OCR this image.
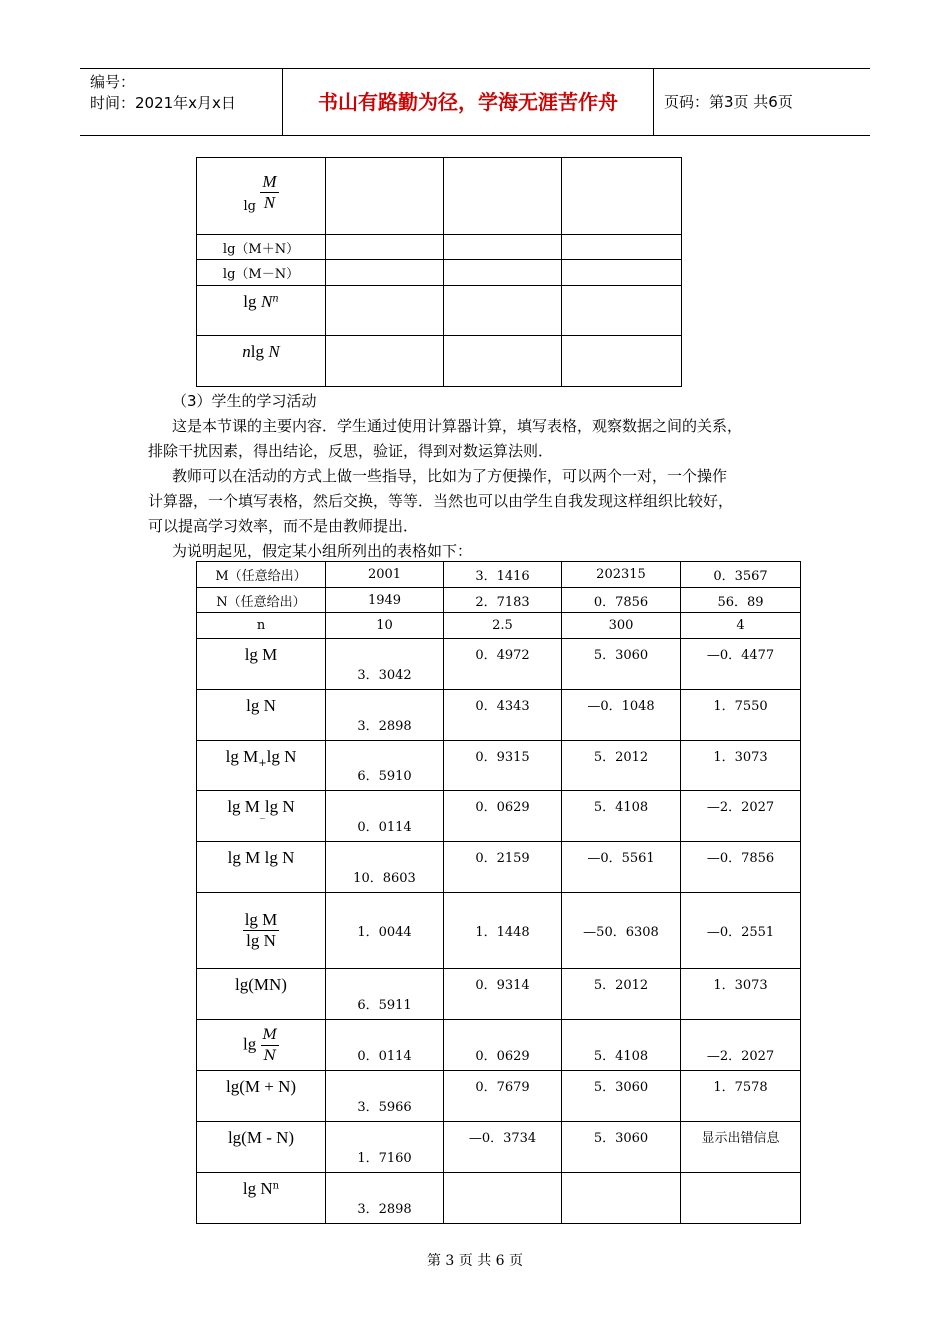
编号：
时间：2021年x月x日	书山有路勤为径，学海无涯苦作舟	页码：第3页 共6页
$\lg \frac{M}{N}$

lg（M＋N）			
lg（M－N）			
$\lg N^n$			
nlg N			
（3）学生的学习活动
这是本节课的主要内容．学生通过使用计算器计算，填写表格，观察数据之间的关系，
排除干扰因素，得出结论，反思，验证，得到对数运算法则．
教师可以在活动的方式上做一些指导，比如为了方便操作，可以两个一对，一个操作
计算器，一个填写表格，然后交换，等等．当然也可以由学生自我发现这样组织比较好，
可以提高学习效率，而不是由教师提出．
为说明起见，假定某小组所列出的表格如下：
M（任意给出）	2001	3．1416	202315	0．3567
N（任意给出）	1949	2．7183	0．7856	56．89
n	10	2.5	300	4
lg M	3．3042	0．4972	5．3060	—0．4477
lg N	3．2898	0．4343	—0．1048	1．7550
$\lg M_+\lg$ N	6．5910	0．9315	5．2012	1．3073
$\lg M_{\_}\lg$ N	0．0114	0．0629	5．4108	—2．2027
lg M lg N	10．8603	0．2159	—0．5561	—0．7856

$\frac{\text{lg M}}{\text{lg N}}$	1．0044	1．1448	—50．6308	—0．2551
lg(MN)	6．5911	0．9314	5．2012	1．3073
$\lg \frac{M}{N}$	0．0114	0．0629	5．4108	—2．2027
lg(M + N)	3．5966	0．7679	5．3060	1．7578
lg(M - N)	1．7160	—0．3734	5．3060	显示出错信息
$\lg N^n$	3．2898			
第 3 页 共 6 页
